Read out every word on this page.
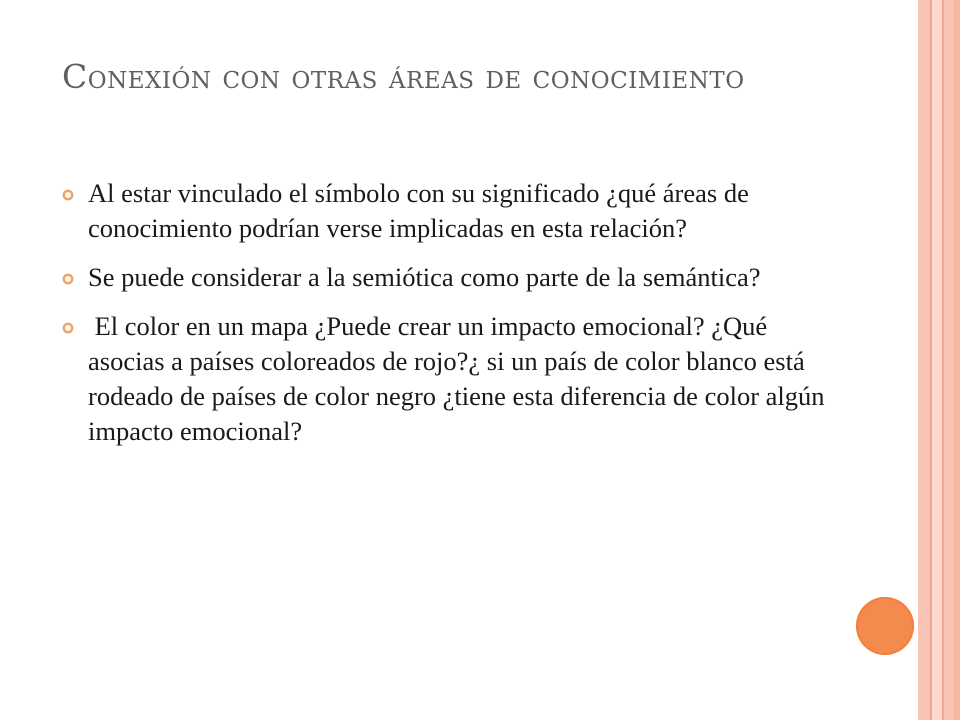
Conexión con otras áreas de conocimiento
Al estar vinculado el símbolo con su significado ¿qué áreas de conocimiento podrían verse implicadas en esta relación?
Se puede considerar a la semiótica como parte de la semántica?
El color en un mapa ¿Puede crear un impacto emocional? ¿Qué asocias a países coloreados de rojo?¿ si un país de color blanco está rodeado de países de color negro ¿tiene esta diferencia de color algún impacto emocional?
